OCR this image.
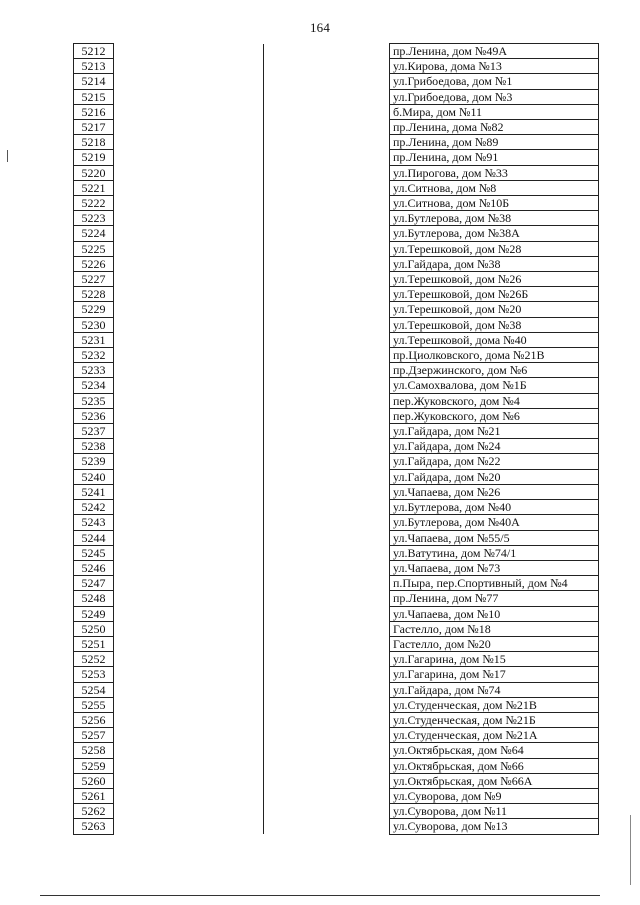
164
5212			пр.Ленина, дом №49А
5213			ул.Кирова, дома №13
5214			ул.Грибоедова, дом №1
5215			ул.Грибоедова, дом №3
5216			б.Мира, дом №11
5217			пр.Ленина, дома №82
5218			пр.Ленина, дом №89
5219			пр.Ленина, дом №91
5220			ул.Пирогова, дом №33
5221			ул.Ситнова, дом №8
5222			ул.Ситнова, дом №10Б
5223			ул.Бутлерова, дом №38
5224			ул.Бутлерова, дом №38А
5225			ул.Терешковой, дом №28
5226			ул.Гайдара, дом №38
5227			ул.Терешковой, дом №26
5228			ул.Терешковой, дом №26Б
5229			ул.Терешковой, дом №20
5230			ул.Терешковой, дом №38
5231			ул.Терешковой, дома №40
5232			пр.Циолковского, дома №21В
5233			пр.Дзержинского, дом №6
5234			ул.Самохвалова, дом №1Б
5235			пер.Жуковского, дом №4
5236			пер.Жуковского, дом №6
5237			ул.Гайдара, дом №21
5238			ул.Гайдара, дом №24
5239			ул.Гайдара, дом №22
5240			ул.Гайдара, дом №20
5241			ул.Чапаева, дом №26
5242			ул.Бутлерова, дом №40
5243			ул.Бутлерова, дом №40А
5244			ул.Чапаева, дом №55/5
5245			ул.Ватутина, дом №74/1
5246			ул.Чапаева, дом №73
5247			п.Пыра, пер.Спортивный, дом №4
5248			пр.Ленина, дом №77
5249			ул.Чапаева, дом №10
5250			Гастелло, дом №18
5251			Гастелло, дом №20
5252			ул.Гагарина, дом №15
5253			ул.Гагарина, дом №17
5254			ул.Гайдара, дом №74
5255			ул.Студенческая, дом №21В
5256			ул.Студенческая, дом №21Б
5257			ул.Студенческая, дом №21А
5258			ул.Октябрьская, дом №64
5259			ул.Октябрьская, дом №66
5260			ул.Октябрьская, дом №66А
5261			ул.Суворова, дом №9
5262			ул.Суворова, дом №11
5263			ул.Суворова, дом №13
